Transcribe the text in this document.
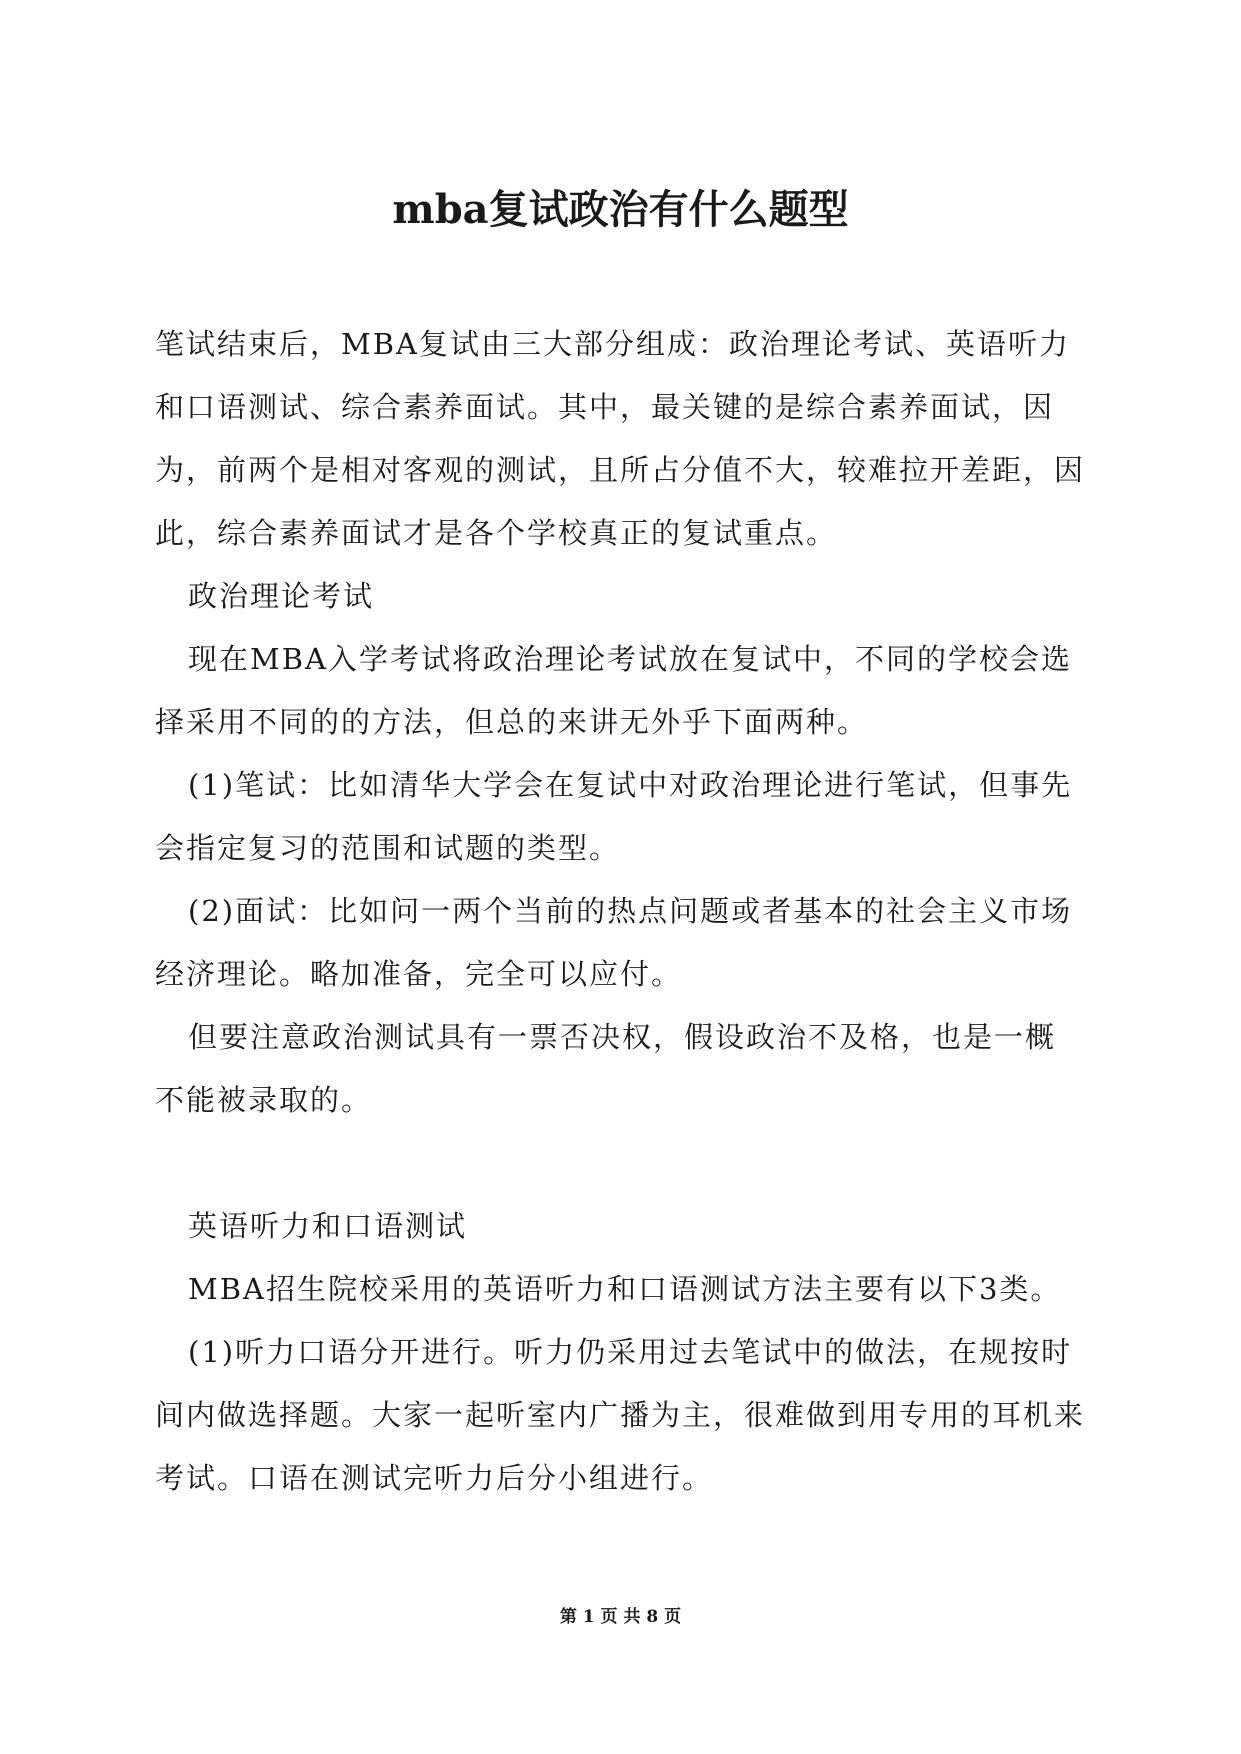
mba复试政治有什么题型

笔试结束后，MBA复试由三大部分组成：政治理论考试、英语听力和口语测试、综合素养面试。其中，最关键的是综合素养面试，因为，前两个是相对客观的测试，且所占分值不大，较难拉开差距，因此，综合素养面试才是各个学校真正的复试重点。

政治理论考试

现在MBA入学考试将政治理论考试放在复试中，不同的学校会选择采用不同的的方法，但总的来讲无外乎下面两种。

(1)笔试：比如清华大学会在复试中对政治理论进行笔试，但事先会指定复习的范围和试题的类型。

(2)面试：比如问一两个当前的热点问题或者基本的社会主义市场经济理论。略加准备，完全可以应付。

但要注意政治测试具有一票否决权，假设政治不及格，也是一概不能被录取的。

英语听力和口语测试

MBA招生院校采用的英语听力和口语测试方法主要有以下3类。

(1)听力口语分开进行。听力仍采用过去笔试中的做法，在规按时间内做选择题。大家一起听室内广播为主，很难做到用专用的耳机来考试。口语在测试完听力后分小组进行。

第 1 页 共 8 页
